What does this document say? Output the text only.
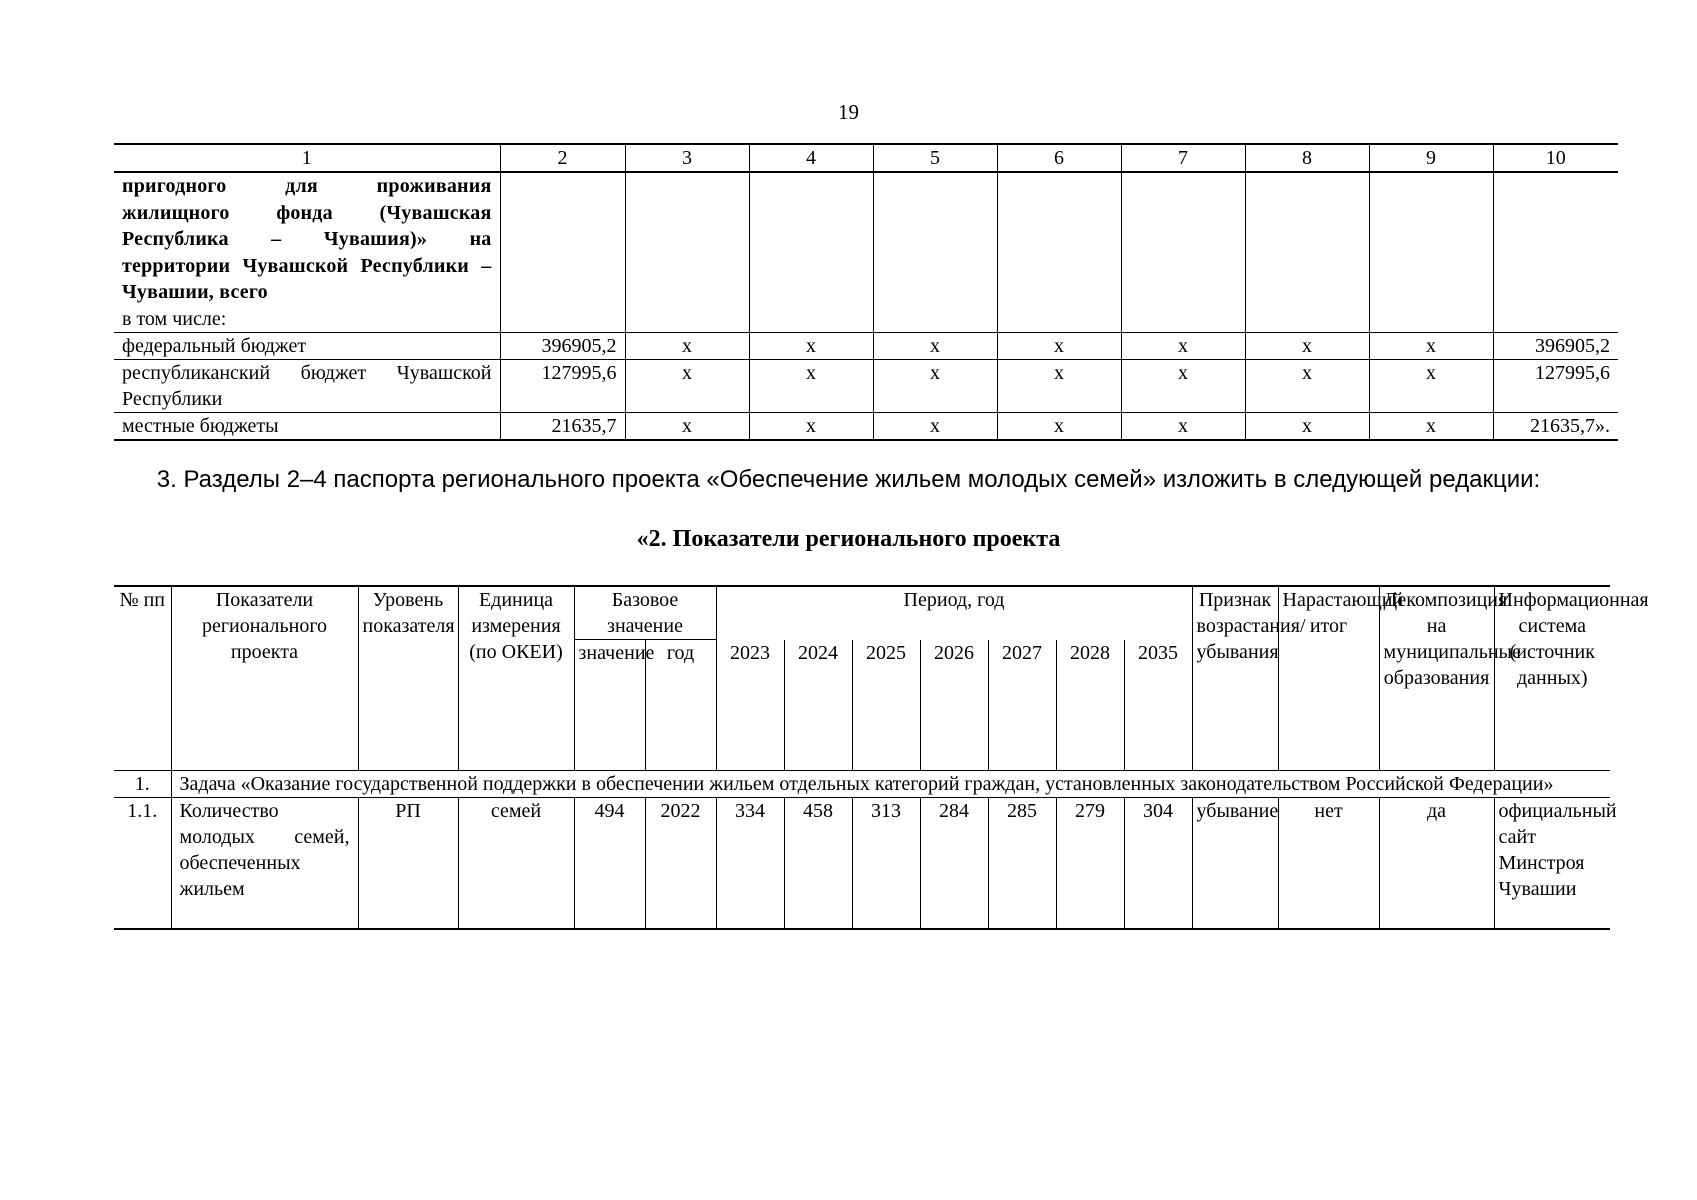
19
1	2	3	4	5	6	7	8	9	10

пригодного для проживания жилищного фонда (Чувашская Республика – Чувашия)» на территории Чувашской Республики – Чувашии, всего
в том числе:									

федеральный бюджет	396905,2	х	х	х	х	х	х	х	396905,2
республиканский бюджет Чувашской Республики	127995,6	х	х	х	х	х	х	х	127995,6
местные бюджеты	21635,7	х	х	х	х	х	х	х	21635,7».
3. Разделы 2–4 паспорта регионального проекта «Обеспечение жильем молодых семей» изложить в следующей редакции:
«2. Показатели регионального проекта
№ пп	Показатели регионального проекта	Уровень показателя	Единица измерения (по ОКЕИ)	Базовое значение		Период, год							Признак возрастания/ убывания	Нарастающий итог	Декомпозиция на муниципальные образования	Информационная система (источник данных)
				значение	год	2023	2024	2025	2026	2027	2028	2035				
1.	Задача «Оказание государственной поддержки в обеспечении жильем отдельных категорий граждан, установленных законодательством Российской Федерации»															
1.1.	Количество молодых семей, обеспеченных жильем	РП	семей	494	2022	334	458	313	284	285	279	304	убывание	нет	да	официальный сайт Минстроя Чувашии
